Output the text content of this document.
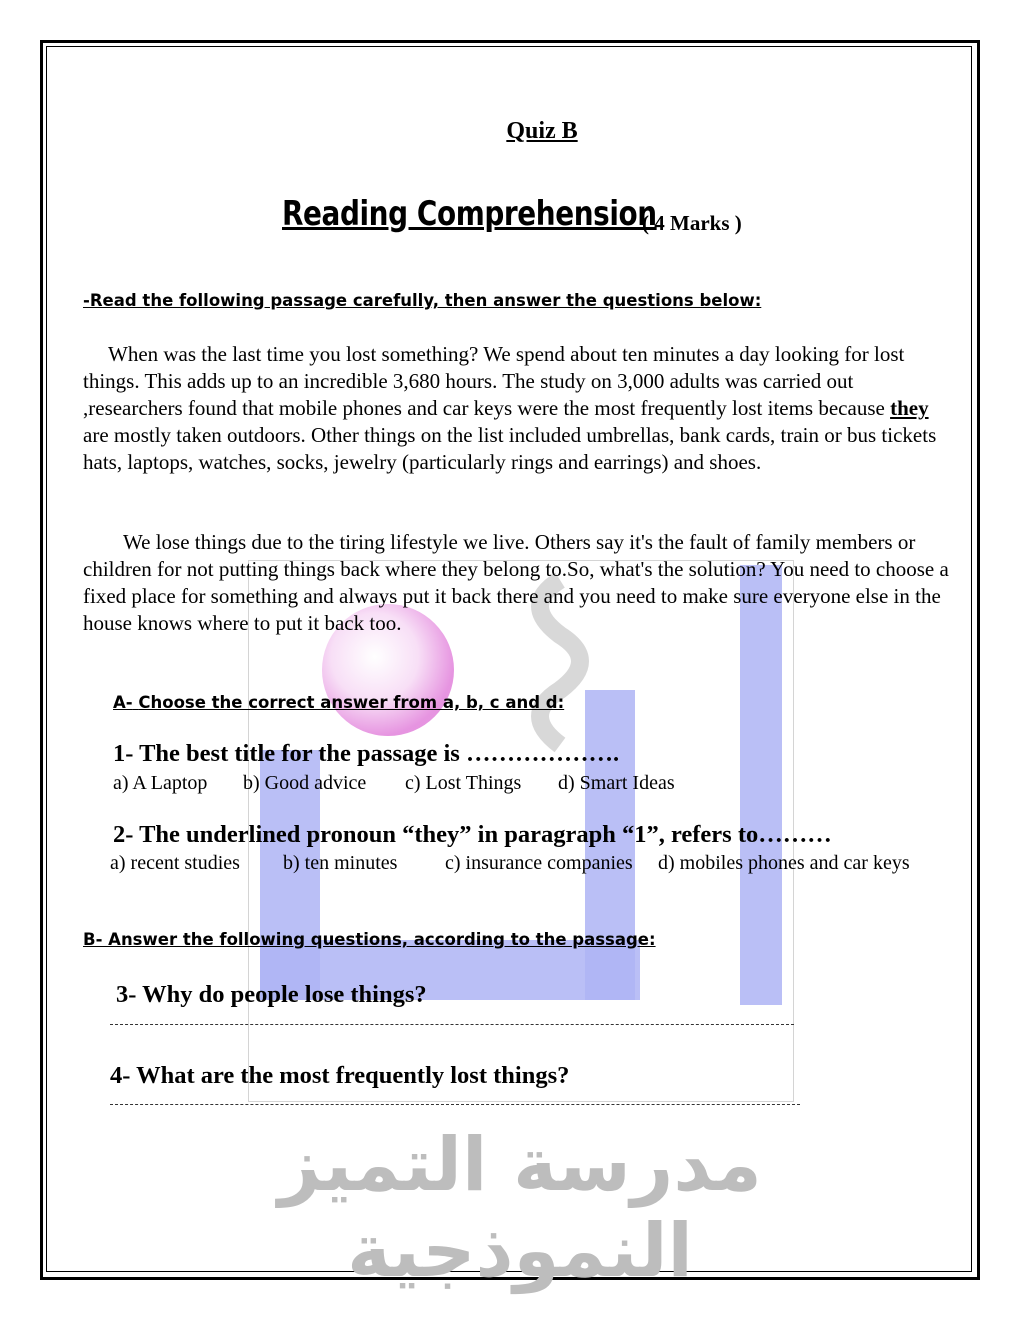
مدرسة التميز النموذجية
Quiz B
Reading Comprehension
( 4 Marks )
-Read the following passage carefully, then answer the questions below:
When was the last time you lost something? We spend about ten minutes a day looking for lost things. This adds up to an incredible 3,680 hours. The study on 3,000 adults was carried out ,researchers found that mobile phones and car keys were the most frequently lost items because they are mostly taken outdoors. Other things on the list included umbrellas, bank cards, train or bus tickets hats, laptops, watches, socks, jewelry (particularly rings and earrings) and shoes.
We lose things due to the tiring lifestyle we live. Others say it's the fault of family members or children for not putting things back where they belong to.So, what's the solution? You need to choose a fixed place for something and always put it back there and you need to make sure everyone else in the house knows where to put it back too.
A- Choose the correct answer from a, b, c and d:
1- The best title for the passage is ……………….
a) A Laptop b) Good advice c) Lost Things d) Smart Ideas
2- The underlined pronoun “they” in paragraph “1”, refers to………
a) recent studies b) ten minutes c) insurance companies d) mobiles phones and car keys
B- Answer the following questions, according to the passage:
3- Why do people lose things?
4- What are the most frequently lost things?
